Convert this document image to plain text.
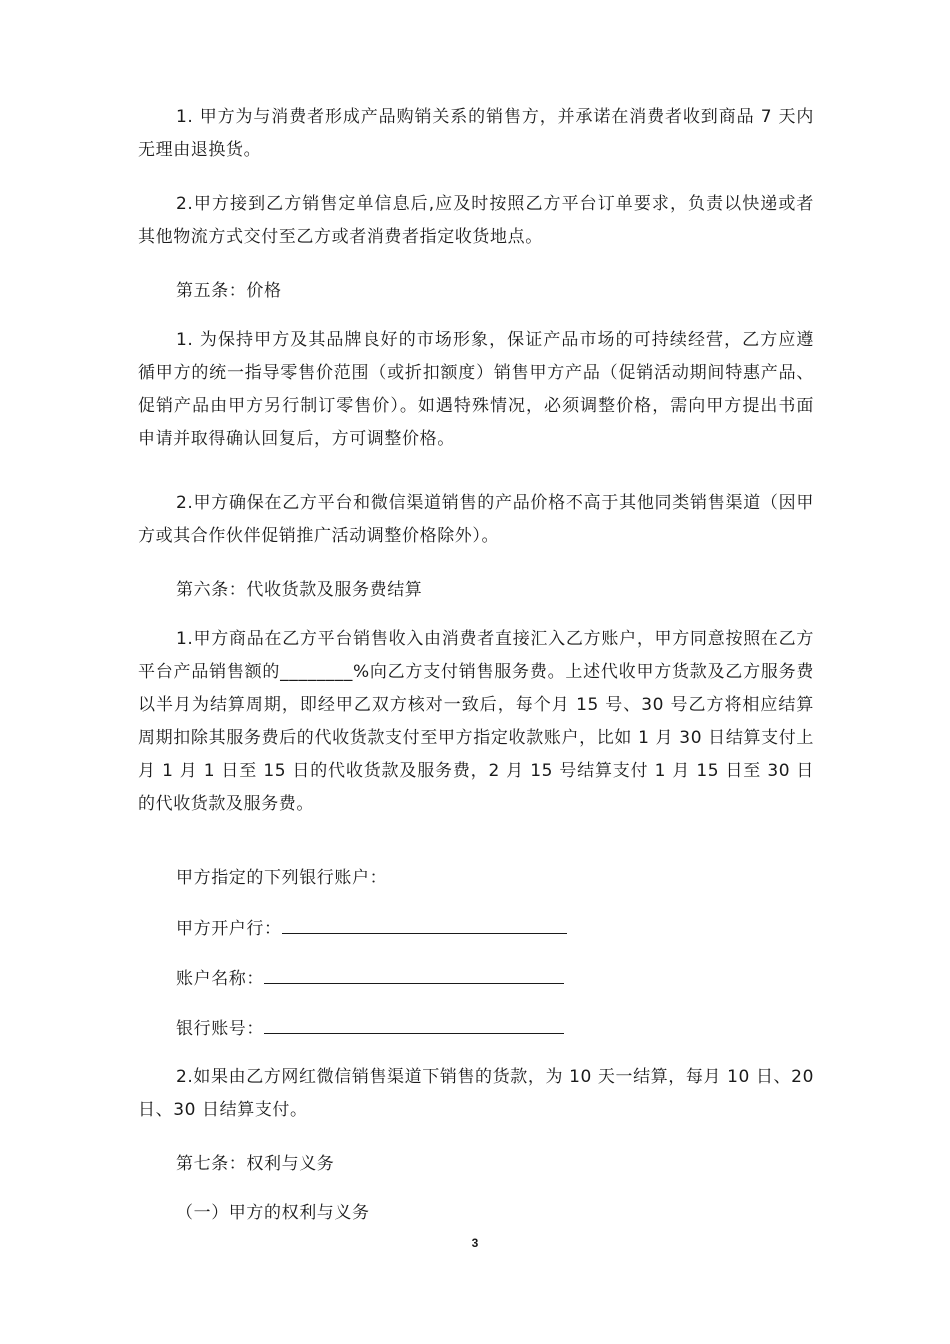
1. 甲方为与消费者形成产品购销关系的销售方，并承诺在消费者收到商品 7 天内无理由退换货。

2.甲方接到乙方销售定单信息后,应及时按照乙方平台订单要求，负责以快递或者其他物流方式交付至乙方或者消费者指定收货地点。

第五条：价格

1. 为保持甲方及其品牌良好的市场形象，保证产品市场的可持续经营，乙方应遵循甲方的统一指导零售价范围（或折扣额度）销售甲方产品（促销活动期间特惠产品、促销产品由甲方另行制订零售价）。如遇特殊情况，必须调整价格，需向甲方提出书面申请并取得确认回复后，方可调整价格。

2.甲方确保在乙方平台和微信渠道销售的产品价格不高于其他同类销售渠道（因甲方或其合作伙伴促销推广活动调整价格除外）。

第六条：代收货款及服务费结算

1.甲方商品在乙方平台销售收入由消费者直接汇入乙方账户，甲方同意按照在乙方平台产品销售额的________%向乙方支付销售服务费。上述代收甲方货款及乙方服务费以半月为结算周期，即经甲乙双方核对一致后，每个月 15 号、30 号乙方将相应结算周期扣除其服务费后的代收货款支付至甲方指定收款账户，比如 1 月 30 日结算支付上月 1 月 1 日至 15 日的代收货款及服务费，2 月 15 号结算支付 1 月 15 日至 30 日的代收货款及服务费。

甲方指定的下列银行账户：

甲方开户行：

账户名称：

银行账号：

2.如果由乙方网红微信销售渠道下销售的货款，为 10 天一结算，每月 10 日、20 日、30 日结算支付。

第七条：权利与义务

（一）甲方的权利与义务

3
